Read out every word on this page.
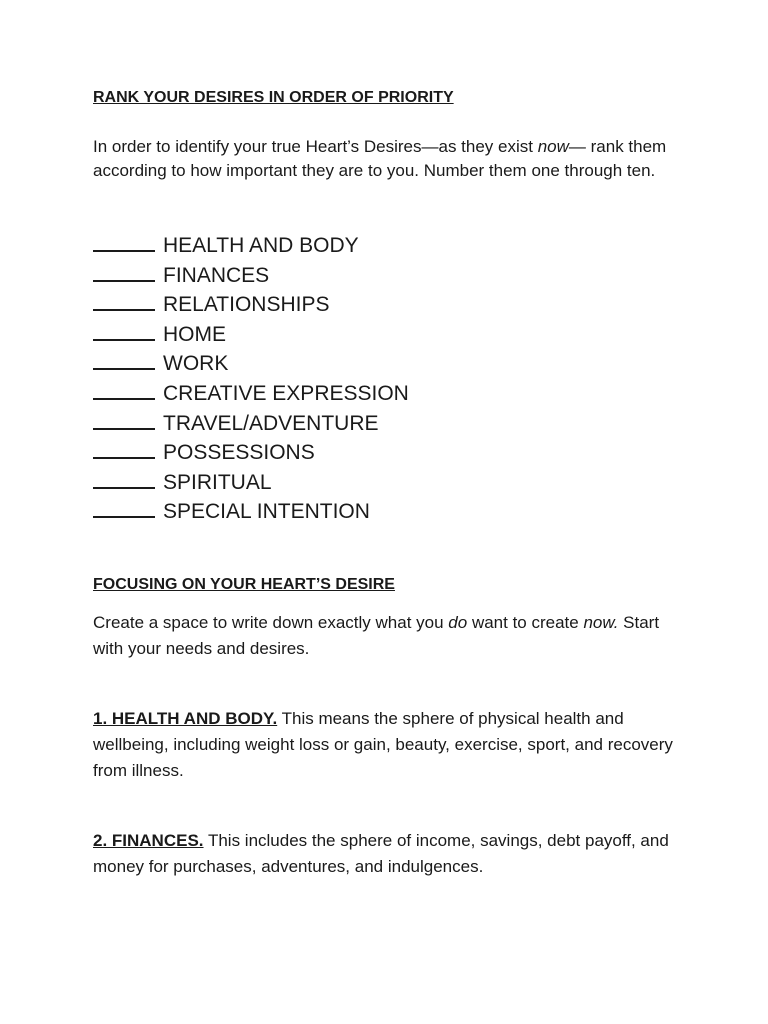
RANK YOUR DESIRES IN ORDER OF PRIORITY
In order to identify your true Heart’s Desires—as they exist now— rank them according to how important they are to you. Number them one through ten.
HEALTH AND BODY
FINANCES
RELATIONSHIPS
HOME
WORK
CREATIVE EXPRESSION
TRAVEL/ADVENTURE
POSSESSIONS
SPIRITUAL
SPECIAL INTENTION
FOCUSING ON YOUR HEART’S DESIRE
Create a space to write down exactly what you do want to create now. Start with your needs and desires.
1. HEALTH AND BODY. This means the sphere of physical health and wellbeing, including weight loss or gain, beauty, exercise, sport, and recovery from illness.
2. FINANCES. This includes the sphere of income, savings, debt payoff, and money for purchases, adventures, and indulgences.
